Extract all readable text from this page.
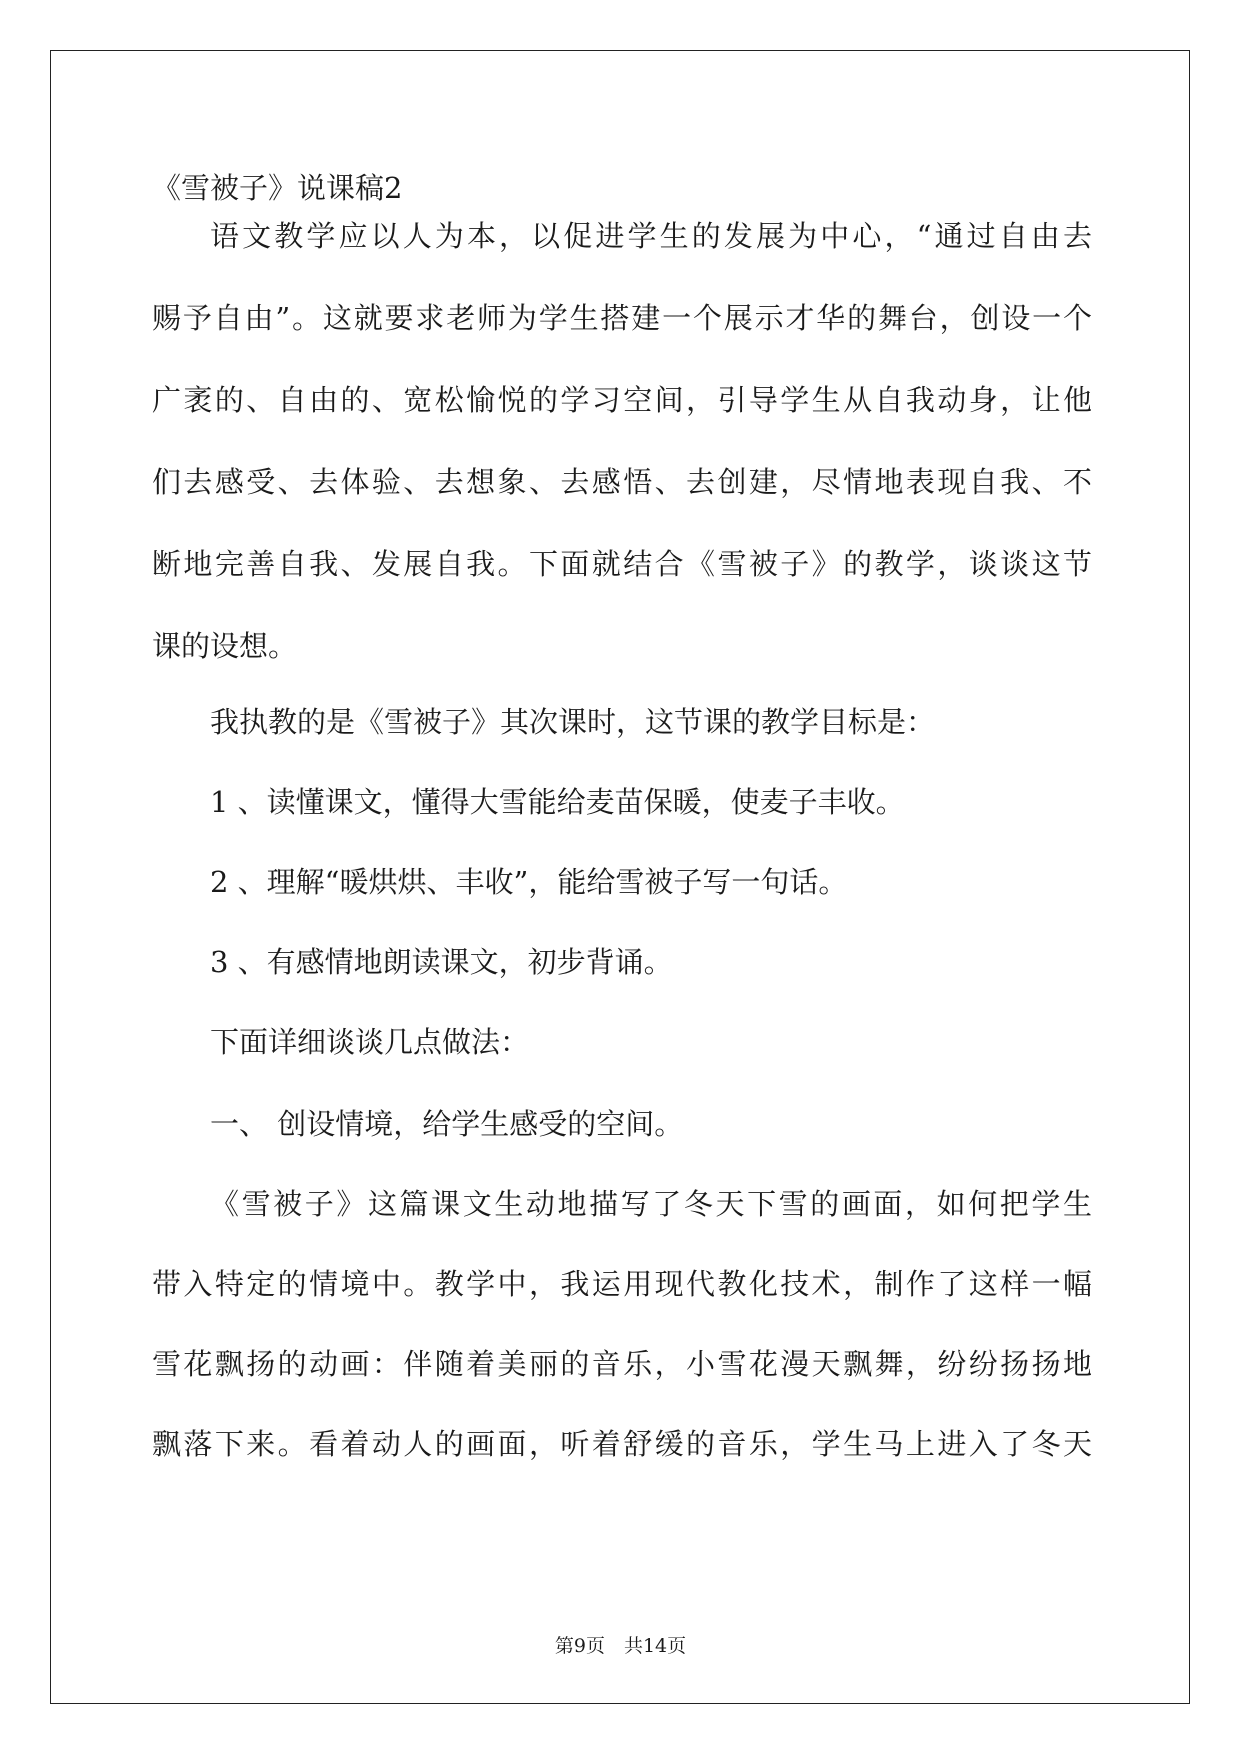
《雪被子》说课稿2
语文教学应以人为本，以促进学生的发展为中心，“通过自由去
赐予自由”。这就要求老师为学生搭建一个展示才华的舞台，创设一个
广袤的、自由的、宽松愉悦的学习空间，引导学生从自我动身，让他
们去感受、去体验、去想象、去感悟、去创建，尽情地表现自我、不
断地完善自我、发展自我。下面就结合《雪被子》的教学，谈谈这节
课的设想。
我执教的是《雪被子》其次课时，这节课的教学目标是：
1 、读懂课文，懂得大雪能给麦苗保暖，使麦子丰收。
2 、理解“暖烘烘、丰收”，能给雪被子写一句话。
3 、有感情地朗读课文，初步背诵。
下面详细谈谈几点做法：
一、 创设情境，给学生感受的空间。
《雪被子》这篇课文生动地描写了冬天下雪的画面，如何把学生
带入特定的情境中。教学中，我运用现代教化技术，制作了这样一幅
雪花飘扬的动画：伴随着美丽的音乐，小雪花漫天飘舞，纷纷扬扬地
飘落下来。看着动人的画面，听着舒缓的音乐，学生马上进入了冬天
第9页　共14页
